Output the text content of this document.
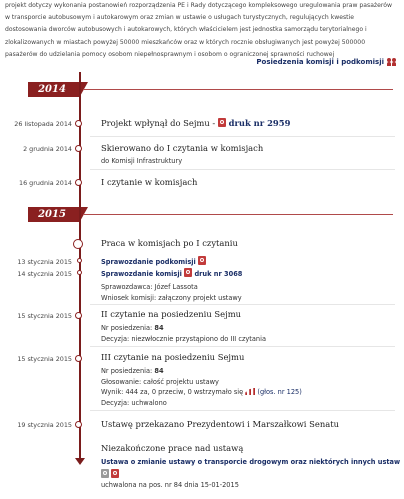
projekt dotyczy wykonania postanowień rozporządzenia PE i Rady dotyczącego kompleksowego uregulowania praw pasażerów w transporcie autobusowym i autokarowym oraz zmian w ustawie o usługach turystycznych, regulujących kwestie dostosowania dworców autobusowych i autokarowych, których właścicielem jest jednostka samorządu terytorialnego i zlokalizowanych w miastach powyżej 50000 mieszkańców oraz w których rocznie obsługiwanych jest powyżej 500000 pasażerów do udzielania pomocy osobom niepełnosprawnym i osobom o ograniczonej sprawności ruchowej
Posiedzenia komisji i podkomisji
2014
26 listopada 2014	Projekt wpłynął do Sejmu -  druk nr 2959
2 grudnia 2014	Skierowano do I czytania w komisjach
do Komisji Infrastruktury
16 grudnia 2014	I czytanie w komisjach
2015
Praca w komisjach po I czytaniu
13 stycznia 2015	Sprawozdanie podkomisji
14 stycznia 2015	Sprawozdanie komisji druk nr 3068
Sprawozdawca: Józef Lassota
Wniosek komisji: załączony projekt ustawy
15 stycznia 2015	II czytanie na posiedzeniu Sejmu
Nr posiedzenia: 84
Decyzja: niezwłocznie przystąpiono do III czytania
15 stycznia 2015	III czytanie na posiedzeniu Sejmu
Nr posiedzenia: 84
Głosowanie: całość projektu ustawy
Wynik: 444 za, 0 przeciw, 0 wstrzymało się (głos. nr 125)
Decyzja: uchwalono
19 stycznia 2015	Ustawę przekazano Prezydentowi i Marszałkowi Senatu
Niezakończone prace nad ustawą
Ustawa o zmianie ustawy o transporcie drogowym oraz niektórych innych ustaw

uchwalona na pos. nr 84 dnia 15-01-2015
